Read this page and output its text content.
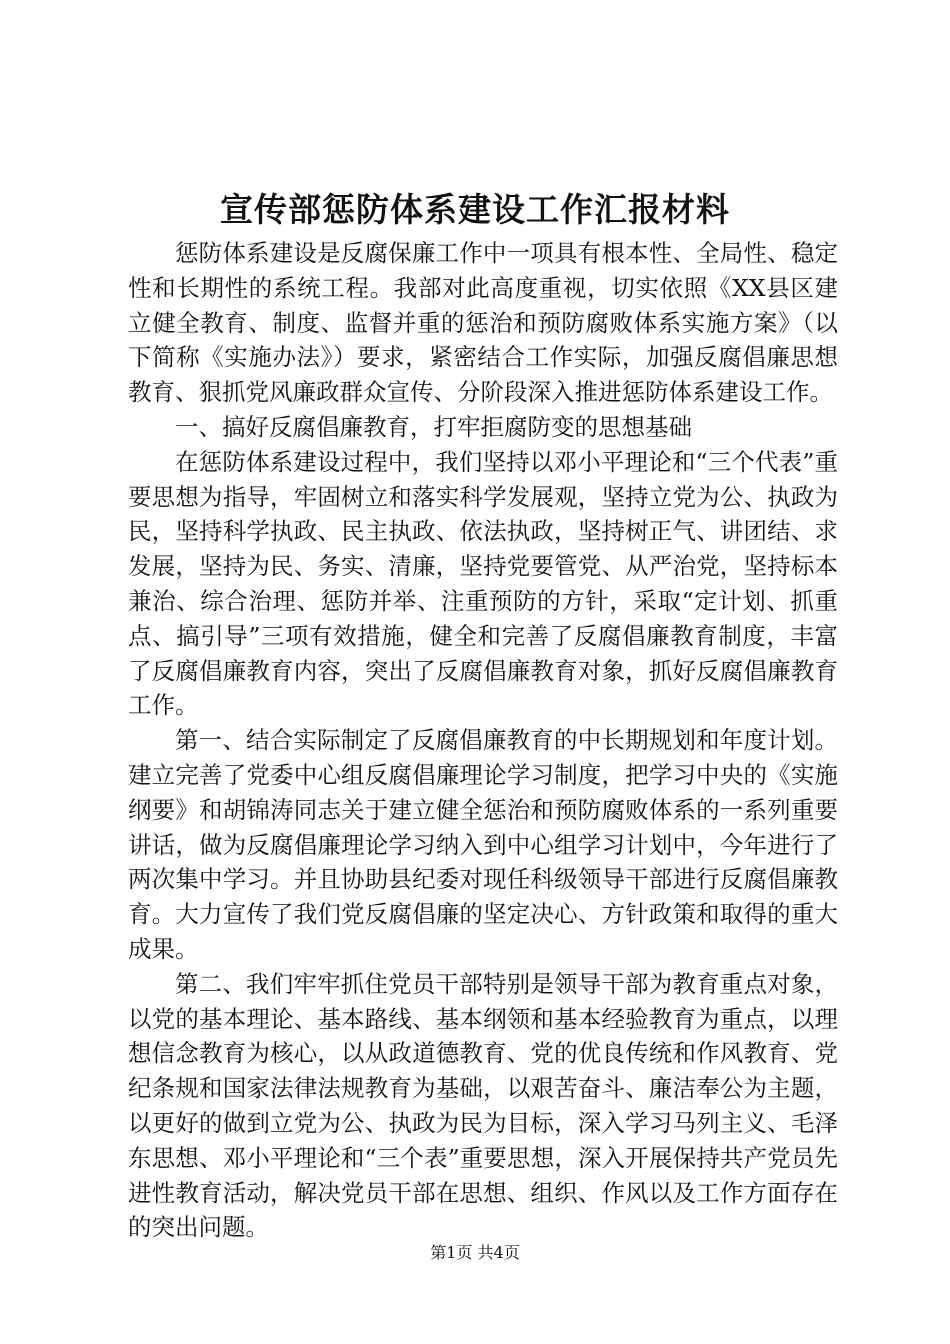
宣传部惩防体系建设工作汇报材料

惩防体系建设是反腐保廉工作中一项具有根本性、全局性、稳定性和长期性的系统工程。我部对此高度重视，切实依照《XX县区建立健全教育、制度、监督并重的惩治和预防腐败体系实施方案》（以下简称《实施办法》）要求，紧密结合工作实际，加强反腐倡廉思想教育、狠抓党风廉政群众宣传、分阶段深入推进惩防体系建设工作。

一、搞好反腐倡廉教育，打牢拒腐防变的思想基础

在惩防体系建设过程中，我们坚持以邓小平理论和“三个代表”重要思想为指导，牢固树立和落实科学发展观，坚持立党为公、执政为民，坚持科学执政、民主执政、依法执政，坚持树正气、讲团结、求发展，坚持为民、务实、清廉，坚持党要管党、从严治党，坚持标本兼治、综合治理、惩防并举、注重预防的方针，采取“定计划、抓重点、搞引导”三项有效措施，健全和完善了反腐倡廉教育制度，丰富了反腐倡廉教育内容，突出了反腐倡廉教育对象，抓好反腐倡廉教育工作。

第一、结合实际制定了反腐倡廉教育的中长期规划和年度计划。建立完善了党委中心组反腐倡廉理论学习制度，把学习中央的《实施纲要》和胡锦涛同志关于建立健全惩治和预防腐败体系的一系列重要讲话，做为反腐倡廉理论学习纳入到中心组学习计划中，今年进行了两次集中学习。并且协助县纪委对现任科级领导干部进行反腐倡廉教育。大力宣传了我们党反腐倡廉的坚定决心、方针政策和取得的重大成果。

第二、我们牢牢抓住党员干部特别是领导干部为教育重点对象，以党的基本理论、基本路线、基本纲领和基本经验教育为重点，以理想信念教育为核心，以从政道德教育、党的优良传统和作风教育、党纪条规和国家法律法规教育为基础，以艰苦奋斗、廉洁奉公为主题，以更好的做到立党为公、执政为民为目标，深入学习马列主义、毛泽东思想、邓小平理论和“三个表”重要思想，深入开展保持共产党员先进性教育活动，解决党员干部在思想、组织、作风以及工作方面存在的突出问题。

第1页 共4页
